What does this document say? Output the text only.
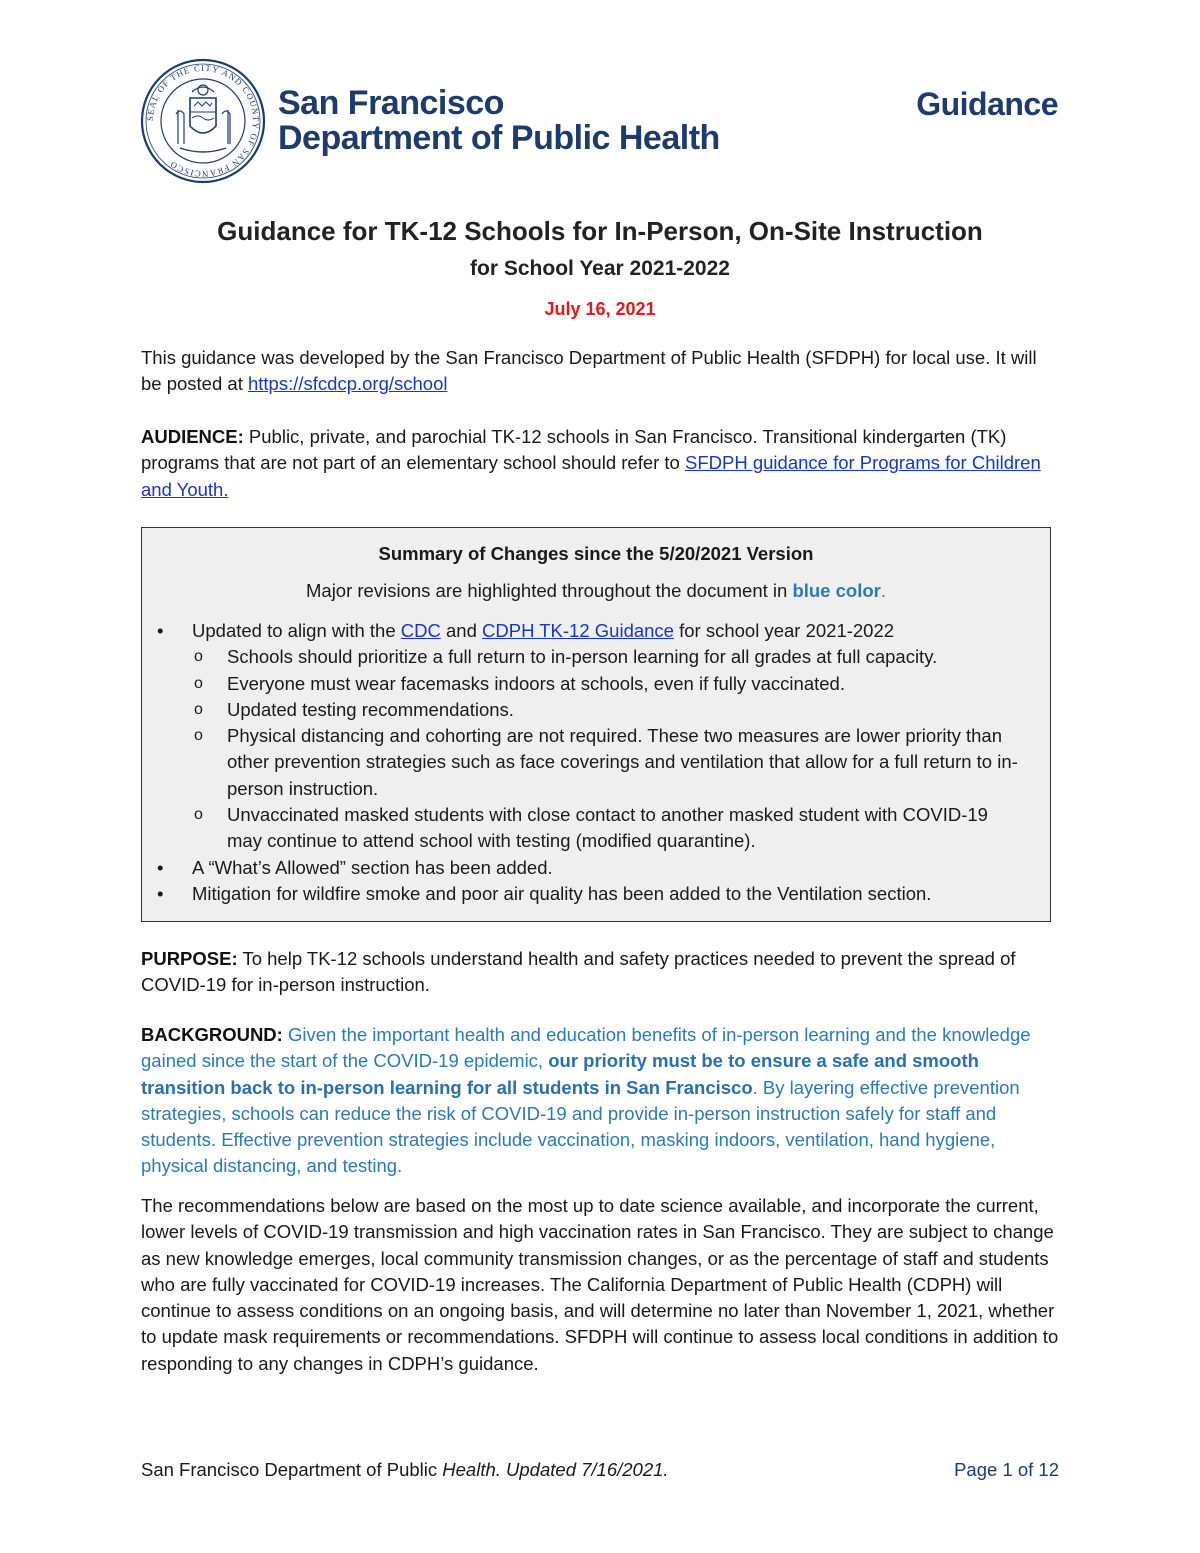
SEAL OF THE CITY AND COUNTY OF SAN FRANCISCO
San Francisco
Department of Public Health
Guidance
Guidance for TK-12 Schools for In-Person, On-Site Instruction
for School Year 2021-2022
July 16, 2021
This guidance was developed by the San Francisco Department of Public Health (SFDPH) for local use. It will be posted at https://sfcdcp.org/school
AUDIENCE: Public, private, and parochial TK-12 schools in San Francisco. Transitional kindergarten (TK) programs that are not part of an elementary school should refer to SFDPH guidance for Programs for Children and Youth.
Summary of Changes since the 5/20/2021 Version
Major revisions are highlighted throughout the document in blue color.
• Updated to align with the CDC and CDPH TK-12 Guidance for school year 2021-2022
o Schools should prioritize a full return to in-person learning for all grades at full capacity.
o Everyone must wear facemasks indoors at schools, even if fully vaccinated.
o Updated testing recommendations.
o Physical distancing and cohorting are not required. These two measures are lower priority than other prevention strategies such as face coverings and ventilation that allow for a full return to in-person instruction.
o Unvaccinated masked students with close contact to another masked student with COVID-19 may continue to attend school with testing (modified quarantine).
• A “What’s Allowed” section has been added.
• Mitigation for wildfire smoke and poor air quality has been added to the Ventilation section.
PURPOSE: To help TK-12 schools understand health and safety practices needed to prevent the spread of COVID-19 for in-person instruction.
BACKGROUND: Given the important health and education benefits of in-person learning and the knowledge gained since the start of the COVID-19 epidemic, our priority must be to ensure a safe and smooth transition back to in-person learning for all students in San Francisco. By layering effective prevention strategies, schools can reduce the risk of COVID-19 and provide in-person instruction safely for staff and students. Effective prevention strategies include vaccination, masking indoors, ventilation, hand hygiene, physical distancing, and testing.
The recommendations below are based on the most up to date science available, and incorporate the current, lower levels of COVID-19 transmission and high vaccination rates in San Francisco. They are subject to change as new knowledge emerges, local community transmission changes, or as the percentage of staff and students who are fully vaccinated for COVID-19 increases. The California Department of Public Health (CDPH) will continue to assess conditions on an ongoing basis, and will determine no later than November 1, 2021, whether to update mask requirements or recommendations. SFDPH will continue to assess local conditions in addition to responding to any changes in CDPH’s guidance.
San Francisco Department of Public Health. Updated 7/16/2021.	Page 1 of 12
